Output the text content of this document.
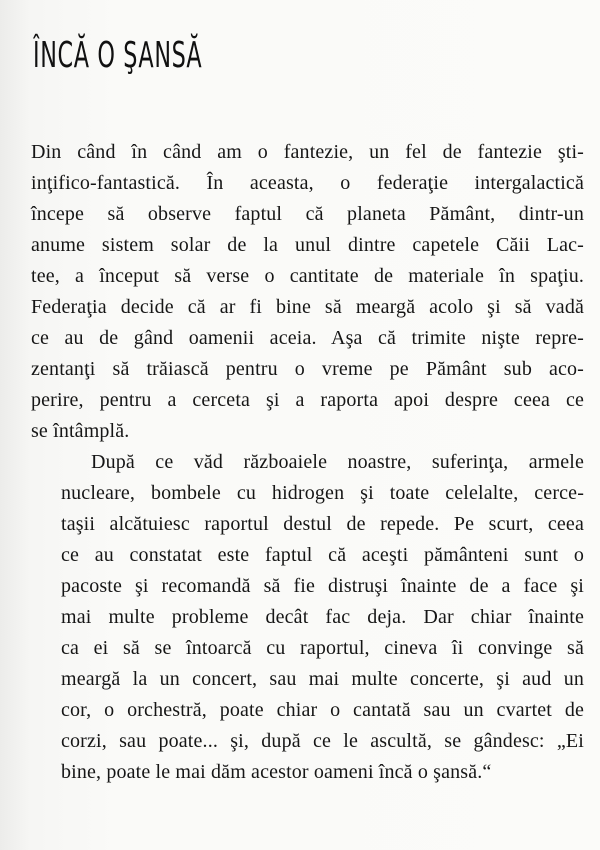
ÎNCĂ O ŞANSĂ
Din când în când am o fantezie, un fel de fantezie şti-
inţifico-fantastică. În aceasta, o federaţie intergalactică
începe să observe faptul că planeta Pământ, dintr-un
anume sistem solar de la unul dintre capetele Căii Lac-
tee, a început să verse o cantitate de materiale în spaţiu.
Federaţia decide că ar fi bine să meargă acolo şi să vadă
ce au de gând oamenii aceia. Aşa că trimite nişte repre-
zentanţi să trăiască pentru o vreme pe Pământ sub aco-
perire, pentru a cerceta şi a raporta apoi despre ceea ce
se întâmplă.
După ce văd războaiele noastre, suferinţa, armele
nucleare, bombele cu hidrogen şi toate celelalte, cerce-
taşii alcătuiesc raportul destul de repede. Pe scurt, ceea
ce au constatat este faptul că aceşti pământeni sunt o
pacoste şi recomandă să fie distruşi înainte de a face şi
mai multe probleme decât fac deja. Dar chiar înainte
ca ei să se întoarcă cu raportul, cineva îi convinge să
meargă la un concert, sau mai multe concerte, şi aud un
cor, o orchestră, poate chiar o cantată sau un cvartet de
corzi, sau poate... şi, după ce le ascultă, se gândesc: „Ei
bine, poate le mai dăm acestor oameni încă o şansă.“
